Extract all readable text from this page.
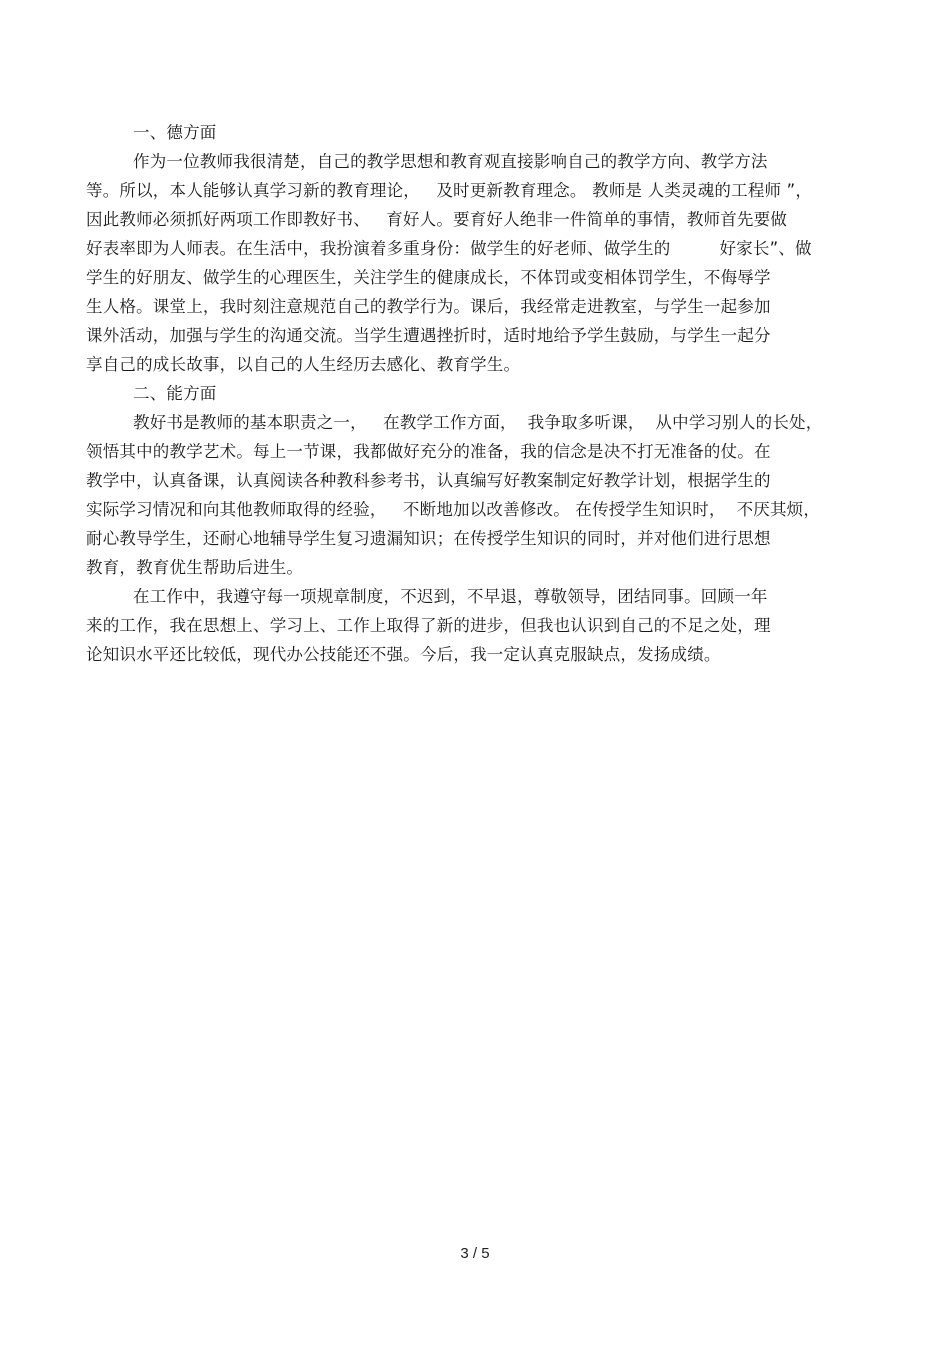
一、德方面
作为一位教师我很清楚，自己的教学思想和教育观直接影响自己的教学方向、教学方法
等。所以，本人能够认真学习新的教育理论，   及时更新教育理念。 教师是 人类灵魂的工程师 ”，
因此教师必须抓好两项工作即教好书、   育好人。要育好人绝非一件简单的事情，教师首先要做
好表率即为人师表。在生活中，我扮演着多重身份：做学生的好老师、做学生的         好家长”、做
学生的好朋友、做学生的心理医生，关注学生的健康成长，不体罚或变相体罚学生，不侮辱学
生人格。课堂上，我时刻注意规范自己的教学行为。课后，我经常走进教室，与学生一起参加
课外活动，加强与学生的沟通交流。当学生遭遇挫折时，适时地给予学生鼓励，与学生一起分
享自己的成长故事，以自己的人生经历去感化、教育学生。
二、能方面
教好书是教师的基本职责之一，   在教学工作方面，  我争取多听课，  从中学习别人的长处，
领悟其中的教学艺术。每上一节课，我都做好充分的准备，我的信念是决不打无准备的仗。在
教学中，认真备课，认真阅读各种教科参考书，认真编写好教案制定好教学计划，根据学生的
实际学习情况和向其他教师取得的经验，   不断地加以改善修改。 在传授学生知识时，  不厌其烦，
耐心教导学生，还耐心地辅导学生复习遗漏知识；在传授学生知识的同时，并对他们进行思想
教育，教育优生帮助后进生。
在工作中，我遵守每一项规章制度，不迟到，不早退，尊敬领导，团结同事。回顾一年
来的工作，我在思想上、学习上、工作上取得了新的进步，但我也认识到自己的不足之处，理
论知识水平还比较低，现代办公技能还不强。今后，我一定认真克服缺点，发扬成绩。
3 / 5
